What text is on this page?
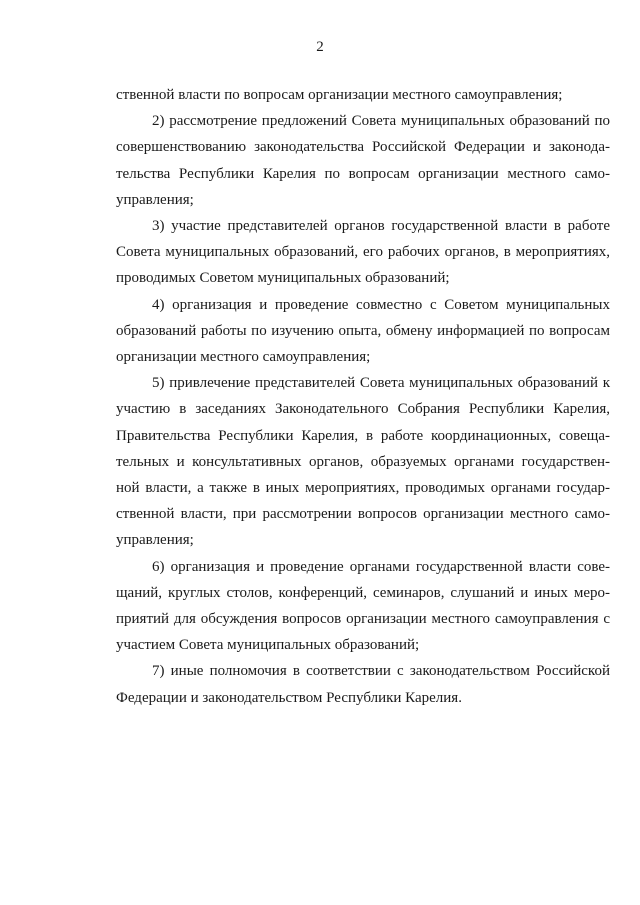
2
ственной власти по вопросам организации местного самоуправления;
2) рассмотрение предложений Совета муниципальных образований по
совершенствованию законодательства Российской Федерации и законода-
тельства Республики Карелия по вопросам организации местного само-
управления;
3) участие представителей органов государственной власти в работе
Совета муниципальных образований, его рабочих органов, в мероприятиях,
проводимых Советом муниципальных образований;
4) организация и проведение совместно с Советом муниципальных
образований работы по изучению опыта, обмену информацией по вопросам
организации местного самоуправления;
5) привлечение представителей Совета муниципальных образований к
участию в заседаниях Законодательного Собрания Республики Карелия,
Правительства Республики Карелия, в работе координационных, совеща-
тельных и консультативных органов, образуемых органами государствен-
ной власти, а также в иных мероприятиях, проводимых органами государ-
ственной власти, при рассмотрении вопросов организации местного само-
управления;
6) организация и проведение органами государственной власти сове-
щаний, круглых столов, конференций, семинаров, слушаний и иных меро-
приятий для обсуждения вопросов организации местного самоуправления с
участием Совета муниципальных образований;
7) иные полномочия в соответствии с законодательством Российской
Федерации и законодательством Республики Карелия.
